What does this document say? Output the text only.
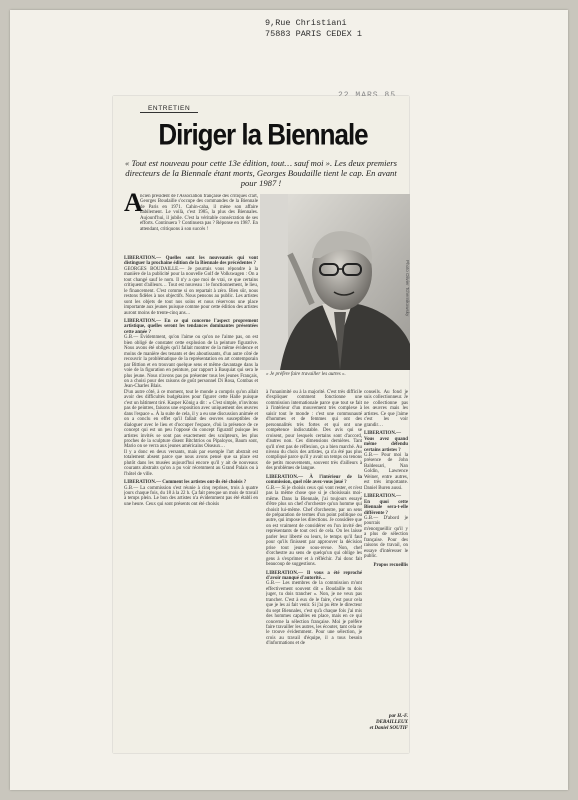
9,Rue Christiani
75883 PARIS CEDEX 1
ENTRETIEN
Diriger la Biennale
« Tout est nouveau pour cette 13e édition, tout… sauf moi ». Les deux premiers directeurs de la Biennale étant morts, Georges Boudaille tient le cap. En avant pour 1987 !
A

ncien président de l'Association française des critiques d'art, Georges Boudaille s'occupe des commandes de la Biennale de Paris en 1971. Cahin-caha, il mène son affaire habilement. Le voilà, c'est 1985, la plus des Biennales. Aujourd'hui, il jubile. C'est la véritable consécration de ses efforts. Continuera ? Continuera pas ? Réponse en 1987. En attendant, critiquons à son succès !

LIBERATION.— Quelles sont les nouveautés qui vont distinguer la prochaine édition de la Biennale des précédentes ?

GEORGES BOUDAILLE.— Je pourrais vous répondre à la manière de la publicité pour la nouvelle Golf de Volkswagen : On a tout changé sauf le nom. Il n'y a que moi de vrai, ce que certains critiquent d'ailleurs… Tout est nouveau : le fonctionnement, le lieu, le financement. C'est comme si on repartait à zéro. Bien sûr, nous restons fidèles à nos objectifs. Nous pensons au public. Les artistes sont les objets de tout nos soins et nous réservons une place importante aux jeunes puisque comme pour cette édition des artistes auront moins de trente-cinq ans…

LIBERATION.— En ce qui concerne l'aspect proprement artistique, quelles seront les tendances dominantes présentées cette année ?

G.B.— Évidemment, qu'on l'aime ou qu'on ne l'aime pas, on est bien obligé de constater cette explosion de la peinture figurative. Nous avons été obligés qu'il fallait montrer de la même évidence et moins de manière des tenants et des aboutissants, d'un autre côté de recouvrir la problématique de la représentation en art contemporain par Bittion et en trouvant quelque sens et même davantage dans la voie de la figuration en peinture, par rapport à Basquiat qui sera le plus jeune. Nous n'avons pas pu présenter tous les jeunes Français, on a choisi pour des raisons de goût personnel Di Rosa, Combas et Jean-Charles Blais.

D'un autre côté, à ce moment, tout le monde a compris qu'on allait avoir des difficultés budgétaires pour figurer cette Halle puisque c'est un bâtiment tiré. Kasper König a dit : « C'est simple, n'invitons pas de peintres, faisons une exposition avec uniquement des œuvres dans l'espace ». À la suite de cela, il y a eu une discussion animée et on a conclu en effet qu'il fallait des œuvres susceptibles de dialoguer avec le lieu et d'occuper l'espace, d'où la présence de ce concept qui est un peu l'opposé du concept figuratif puisque les artistes invités se sont pas exactement des sculpteurs, les plus proches de la sculpture disent Bitchtrios ou Pipaloyos, Baum sont, Mario on se verra aux jeunes américains Oiseaux…

Il y a donc en deux versants, mais par exemple l'art abstrait est totalement absent parce que nous avons pensé que sa place est plutôt dans les musées aujourd'hui encore qu'il y ait de nouveaux courants abstraits qu'on a pu voir récemment au Grand Palais ou à l'hôtel de ville.

LIBERATION.— Comment les artistes ont-ils été choisis ?

G.B.— La commission s'est réunie à cinq reprises, trois à quatre jours chaque fois, du 18 à la 22 h. Ça fait presque un mois de travail à temps plein. Le bon des artistes n'a évidemment pas été établi en une heure. Ceux qui sont présents ont été choisis

Photo Olivier Tchernikowsky
« Je préfère faire travailler les autres ».

à l'unanimité ou à la majorité. C'est très difficile d'expliquer comment fonctionne une commission internationale parce que tout se fait à l'intérieur d'un mouvement très complexe à saisir tout le monde : c'est une communauté d'hommes et de femmes qui ont des personnalités très fortes et qui ont une compétence indiscutable. Des avis qui se croisent, pour lesquels certains sont d'accord, d'autres non. Ces dimensions dernières. Tant qu'il n'est pas de réflexion, ça a bien marché. Au niveau du choix des artistes, ça n'a été pas plus compliqué parce qu'il y avait un temps où tenons de petits mouvements, souvent très d'ailleurs à des problèmes de langue.

LIBERATION.— À l'intérieur de la commission, quel rôle avez-vous joué ?

G.B.— Si je choisis ceux qui vont rester, et n'est pas la même chose que si je choisissais moi-même. Dans la Biennale, j'ai toujours essayé d'être plus un chef d'orchestre qu'un homme qui choisit lui-même. Chef d'orchestre, par un sens de préparation de termes d'un point politique ou autre, qui impose les directions. Je considère que on est vraiment de considérer en l'un invité des représentants de tout ceci de cela. On les laisse parler leur liberté ou leurs, le temps qu'il faut pour qu'ils finissent par approuver la décision prise tout jeune sous-revue. Non, chef d'orchestre au sens de quelqu'un qui oblige les gens à s'exprimer et à réfléchir. J'ai donc fait beaucoup de suggestions.

LIBERATION.— Il vous a été reproché d'avoir manqué d'autorité…

G.B.— Les membres de la commission m'ont effectivement souvent dit « Boudaille tu dois juger, tu dois trancher ». Non, je ne veux pas trancher. C'est à eux de le faire, c'est pour cela que je les ai fait venir. Si j'ai pu être le directeur du sept Biennales, c'est qu'à chaque fois j'ai mis des hommes capables en place, mais en ce qui concerne la sélection française. Moi je préfère faire travailler les autres, les écouter, tant cela ne le trouve évidemment. Pour une sélection, je crois au travail d'équipe, il a tous besoin d'informations et de

conseils. Au fond je suis collectionneur. Je ne collectionne pas les œuvres mais les artistes. Ce que j'aime c'est les voir grandir…

LIBERATION.— Vous avez quand même défendu certains artistes ?

G.B.— Pour moi la présence de John Baldessari, Nan Goldin, Lawrence Weiner, entre autres, est très importante. Daniel Buren aussi.

LIBERATION.— En quoi cette Biennale sera-t-elle différente ?

G.B.— D'abord je pourrais m'enorgueillir qu'il y a plus de sélection française. Pour des raisons de travail, on essaye d'intéresser le public.

Propos recueillis

par H.-F. DEBAILLEUX
et Daniel SOUTIF
